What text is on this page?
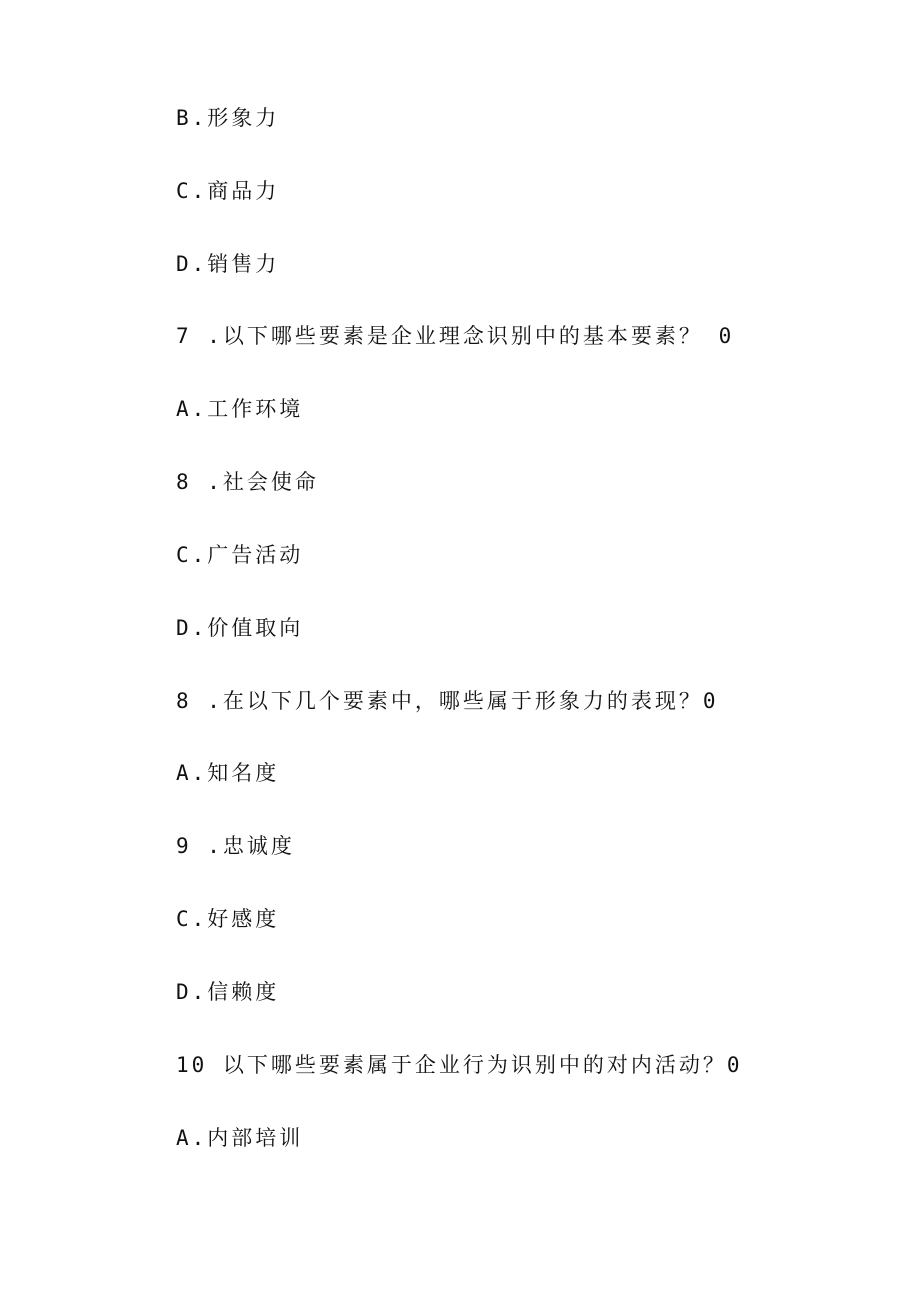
B.形象力
C.商品力
D.销售力
7 .以下哪些要素是企业理念识别中的基本要素？ 0
A.工作环境
8 .社会使命
C.广告活动
D.价值取向
8 .在以下几个要素中，哪些属于形象力的表现？0
A.知名度
9 .忠诚度
C.好感度
D.信赖度
10 以下哪些要素属于企业行为识别中的对内活动？0
A.内部培训
